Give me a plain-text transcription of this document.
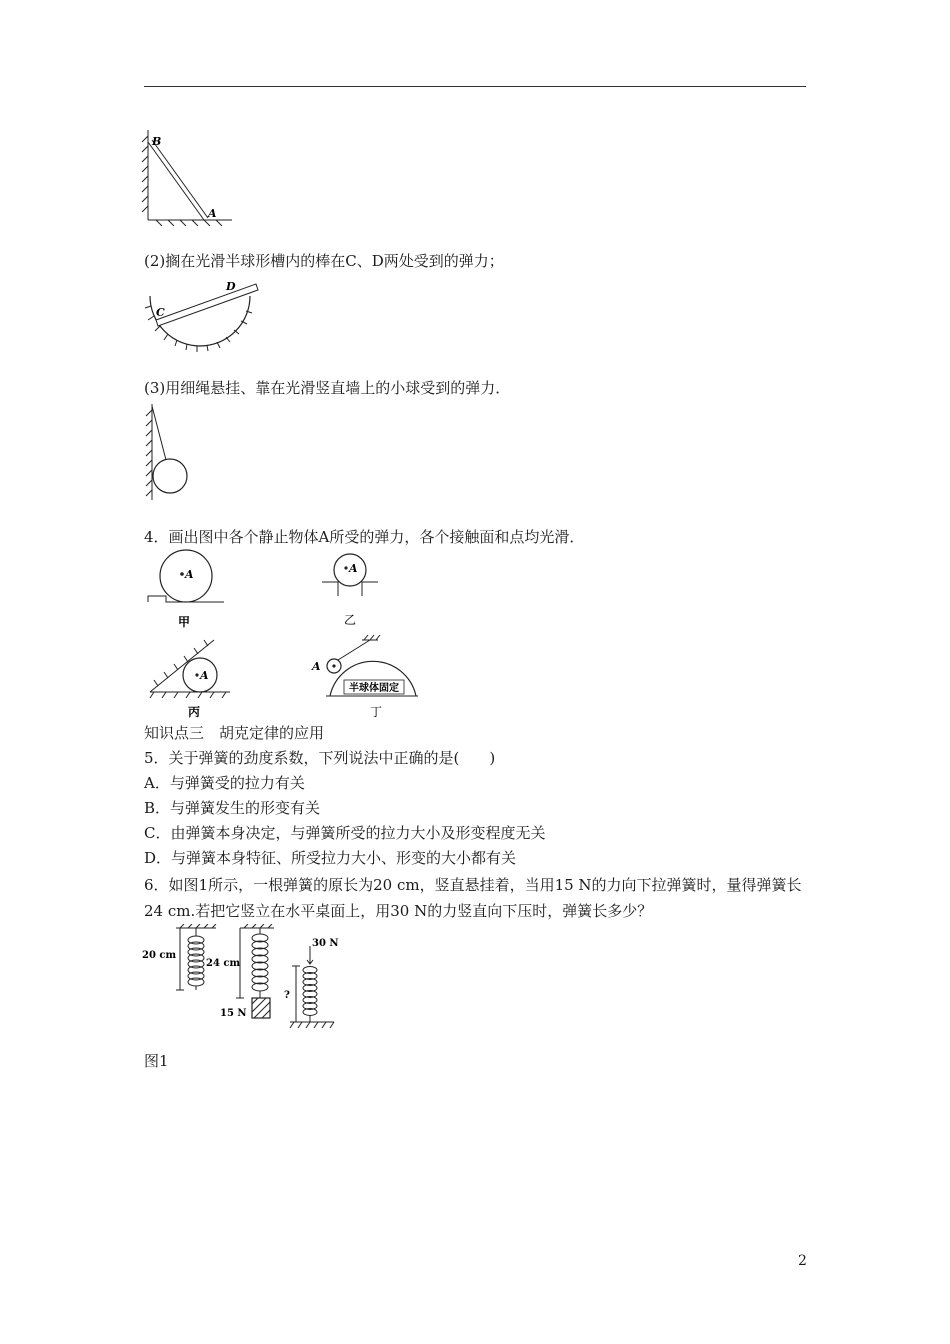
B
A
(2)搁在光滑半球形槽内的棒在C、D两处受到的弹力；
C
D
(3)用细绳悬挂、靠在光滑竖直墙上的小球受到的弹力．
4．画出图中各个静止物体A所受的弹力，各个接触面和点均光滑．
A
甲
A
乙
A
丙
A
半球体固定
丁
知识点三　胡克定律的应用
5．关于弹簧的劲度系数，下列说法中正确的是(　　)
A．与弹簧受的拉力有关
B．与弹簧发生的形变有关
C．由弹簧本身决定，与弹簧所受的拉力大小及形变程度无关
D．与弹簧本身特征、所受拉力大小、形变的大小都有关
6．如图1所示，一根弹簧的原长为20 cm，竖直悬挂着，当用15 N的力向下拉弹簧时，量得弹簧长24 cm.若把它竖立在水平桌面上，用30 N的力竖直向下压时，弹簧长多少？
20 cm
24 cm
15 N
30 N
?
图1
2
